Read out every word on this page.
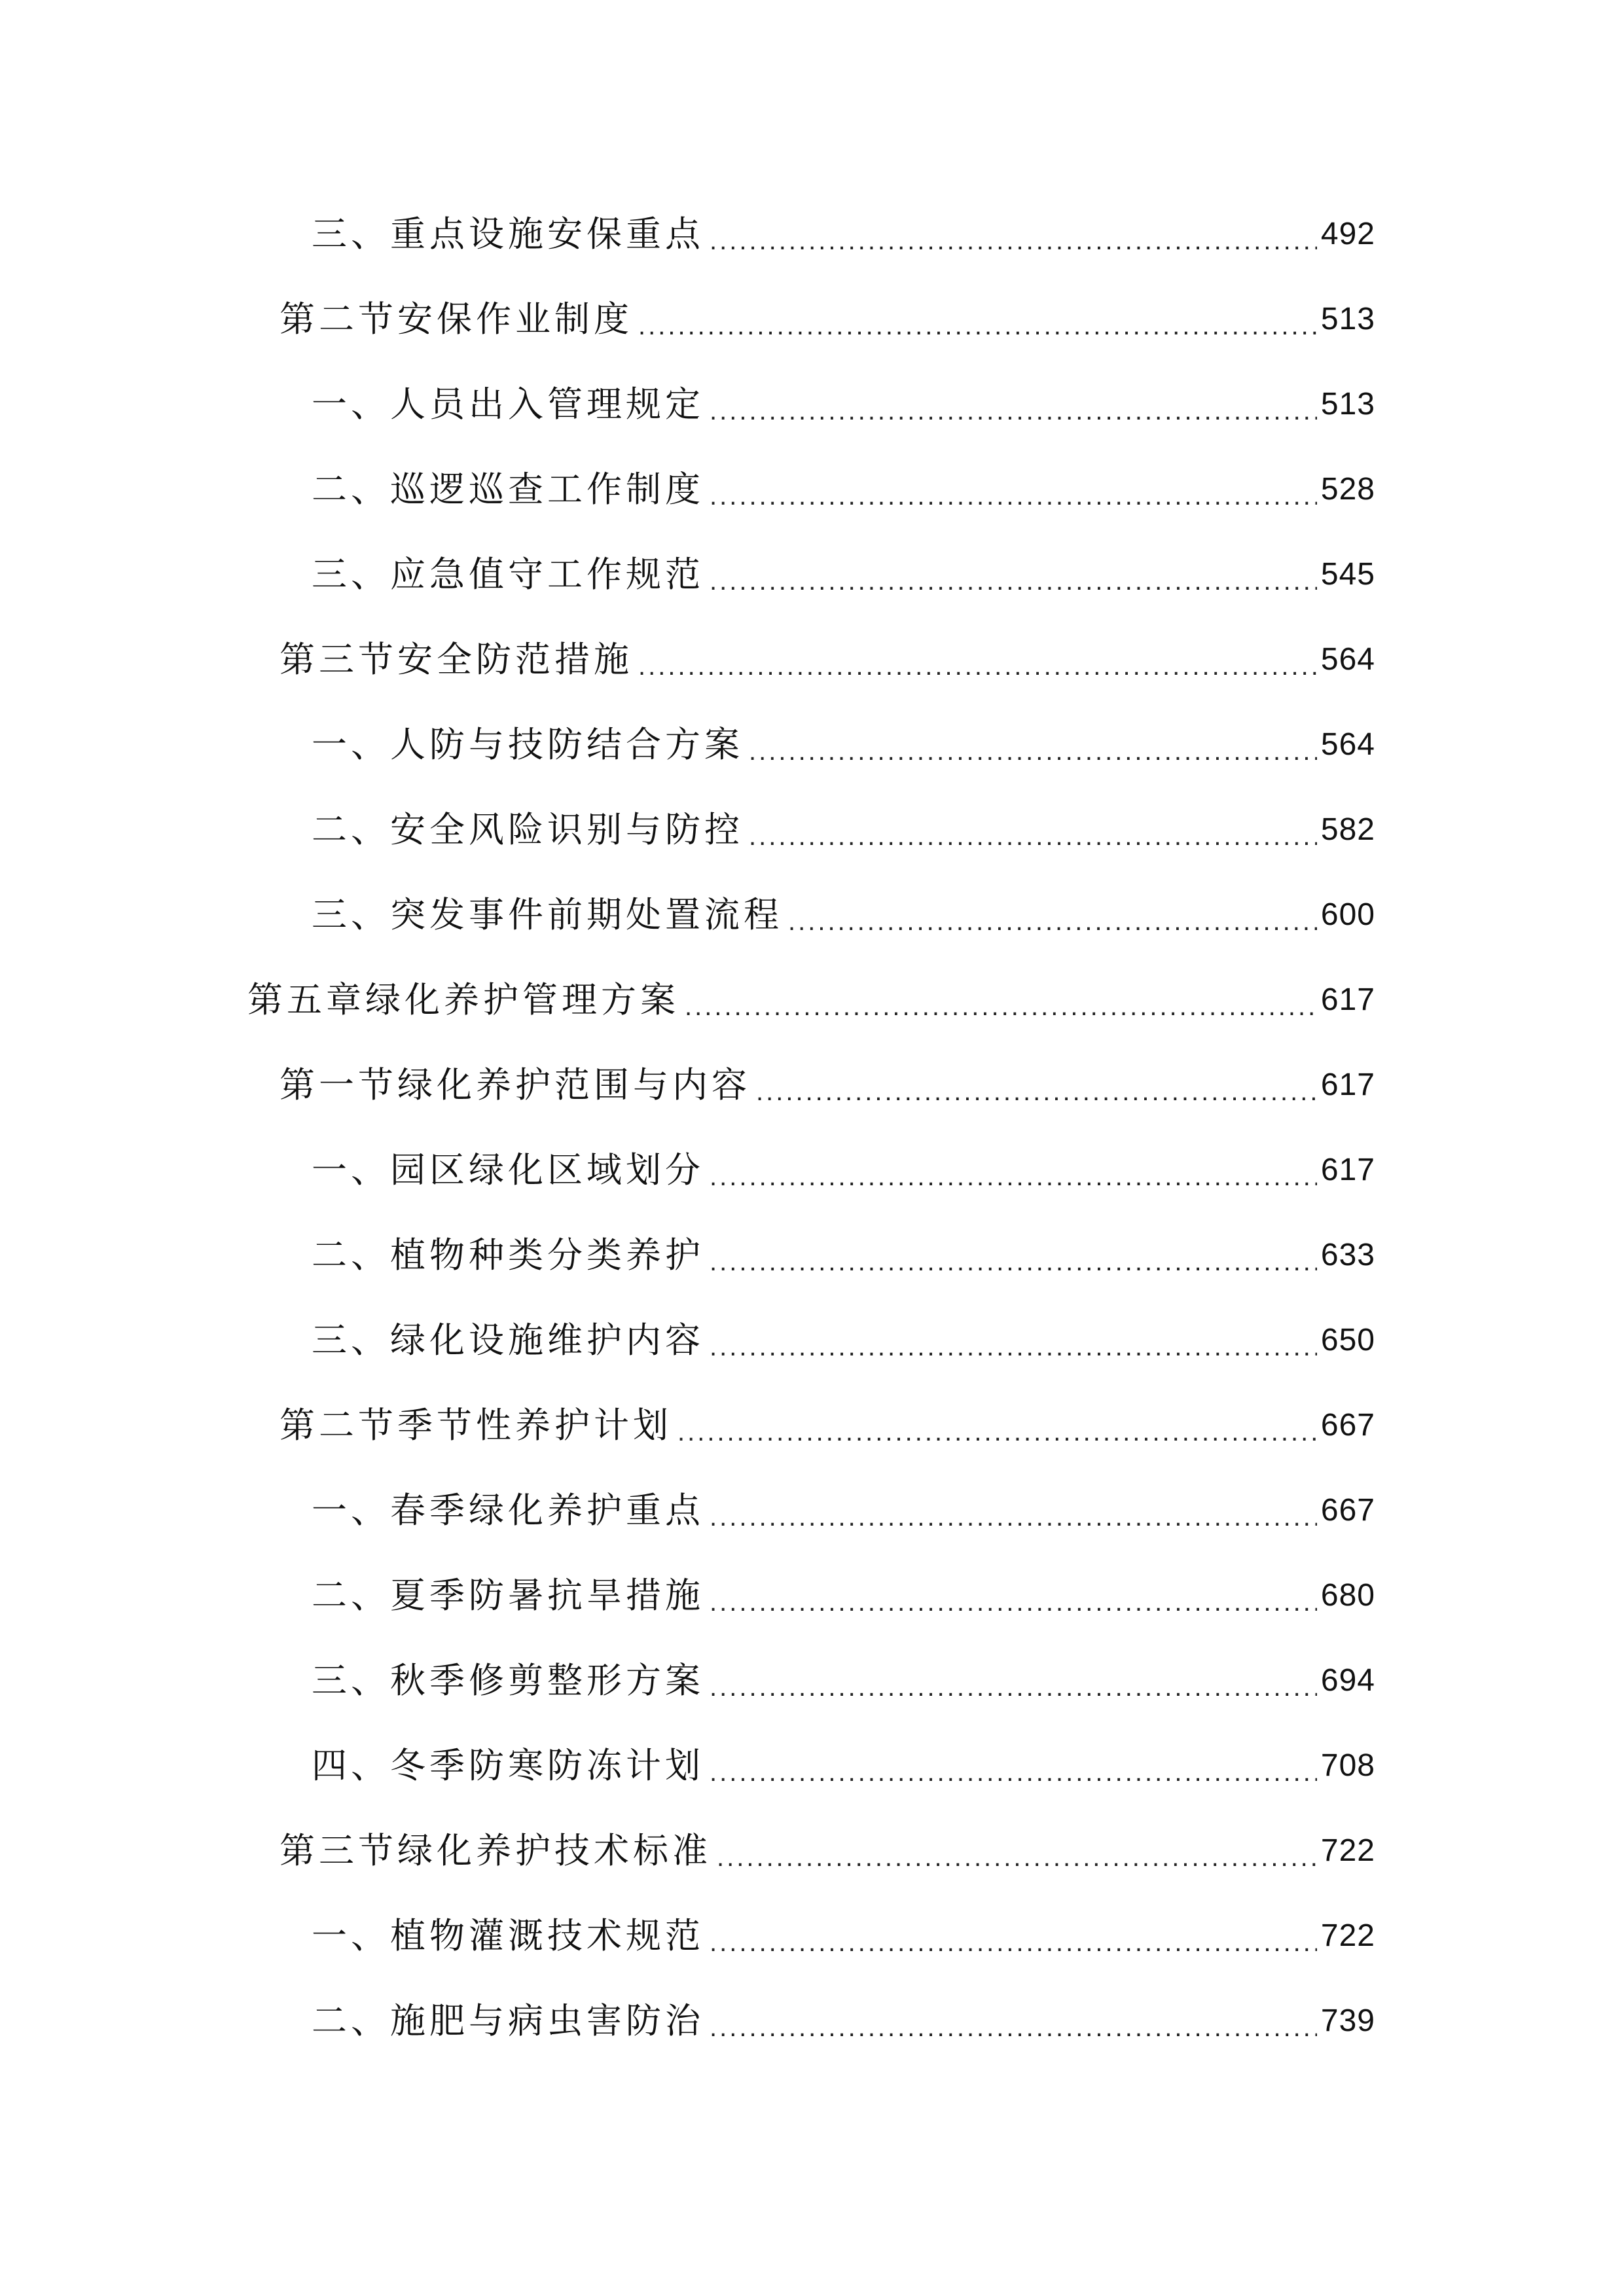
三、重点设施安保重点 .....	492
第二节安保作业制度 .....	513
一、人员出入管理规定 .....	513
二、巡逻巡查工作制度 .....	528
三、应急值守工作规范 .....	545
第三节安全防范措施 .....	564
一、人防与技防结合方案 .....	564
二、安全风险识别与防控 .....	582
三、突发事件前期处置流程 .....	600
第五章绿化养护管理方案 .....	617
第一节绿化养护范围与内容 .....	617
一、园区绿化区域划分 .....	617
二、植物种类分类养护 .....	633
三、绿化设施维护内容 .....	650
第二节季节性养护计划 .....	667
一、春季绿化养护重点 .....	667
二、夏季防暑抗旱措施 .....	680
三、秋季修剪整形方案 .....	694
四、冬季防寒防冻计划 .....	708
第三节绿化养护技术标准 .....	722
一、植物灌溉技术规范 .....	722
二、施肥与病虫害防治 .....	739
